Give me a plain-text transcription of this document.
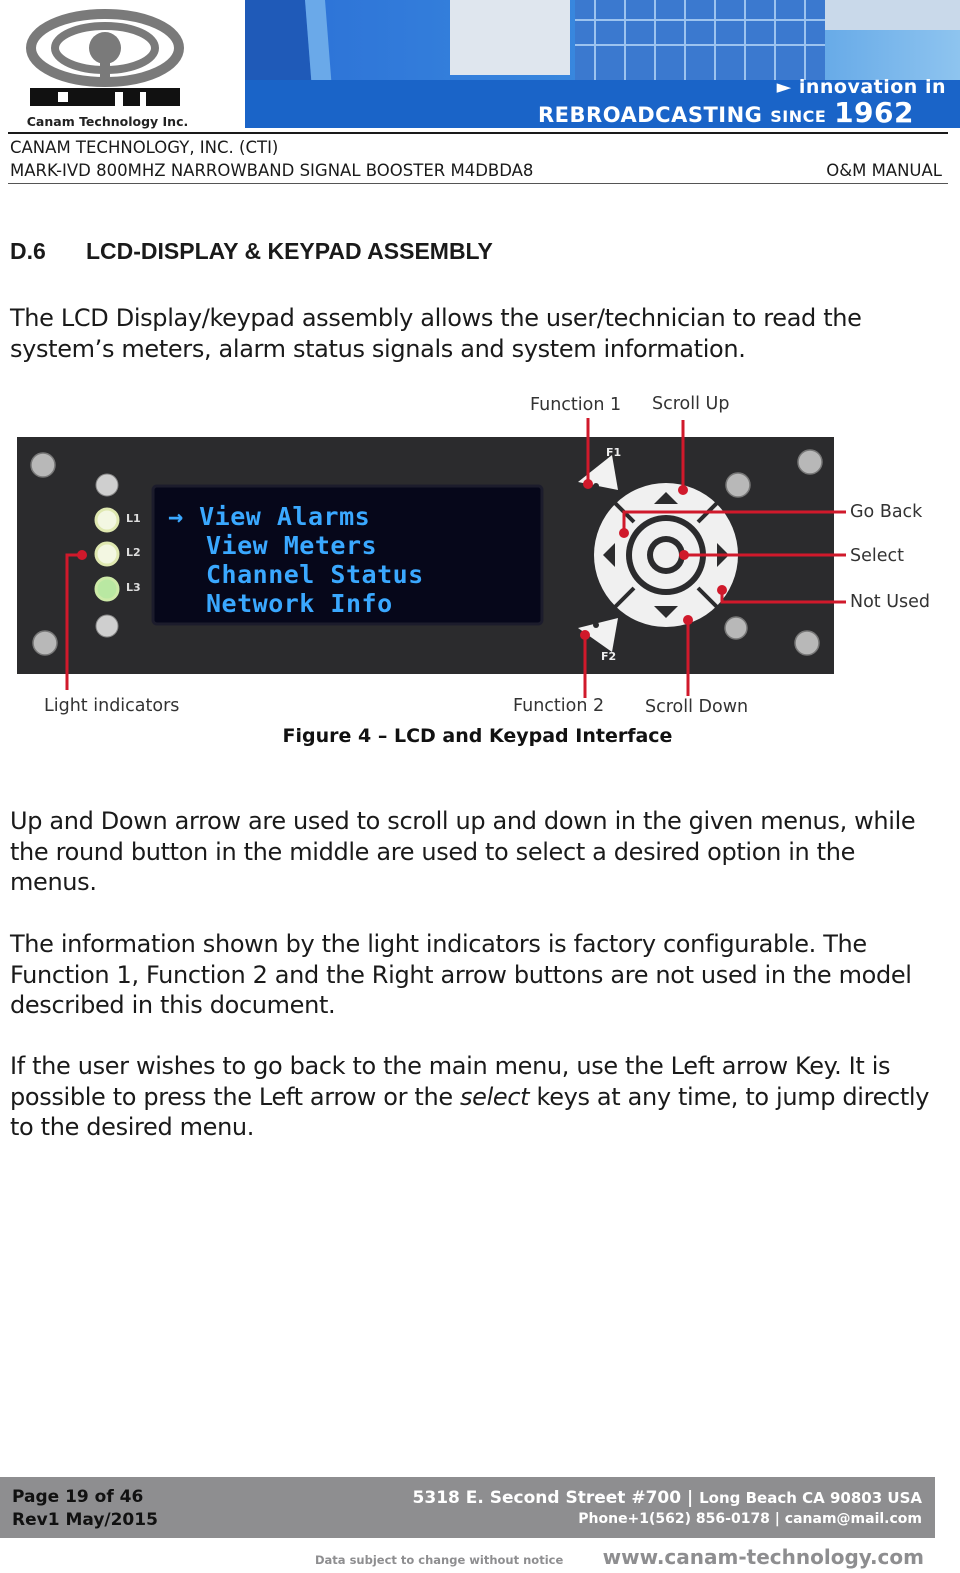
Canam Technology Inc.
► innovation in
REBROADCASTING SINCE 1962
CANAM TECHNOLOGY, INC. (CTI)
MARK-IVD 800MHZ NARROWBAND SIGNAL BOOSTER M4DBDA8	O&M MANUAL
D.6 LCD-DISPLAY & KEYPAD ASSEMBLY
The LCD Display/keypad assembly allows the user/technician to read the system’s meters, alarm status signals and system information.
L1
L2
L3
F1
F2
→ View Alarms
View Meters
Channel Status
Network Info
Function 1 Scroll Up
Go Back
Select
Not Used
Light indicators	Function 2 Scroll Down
Figure 4 – LCD and Keypad Interface
Up and Down arrow are used to scroll up and down in the given menus, while the round button in the middle are used to select a desired option in the menus.
The information shown by the light indicators is factory configurable. The Function 1, Function 2 and the Right arrow buttons are not used in the model described in this document.
If the user wishes to go back to the main menu, use the Left arrow Key. It is possible to press the Left arrow or the select keys at any time, to jump directly to the desired menu.
Page 19 of 46
Rev1 May/2015
5318 E. Second Street #700 | Long Beach CA 90803 USA
Phone+1(562) 856-0178 | canam@mail.com
Data subject to change without notice www.canam-technology.com
